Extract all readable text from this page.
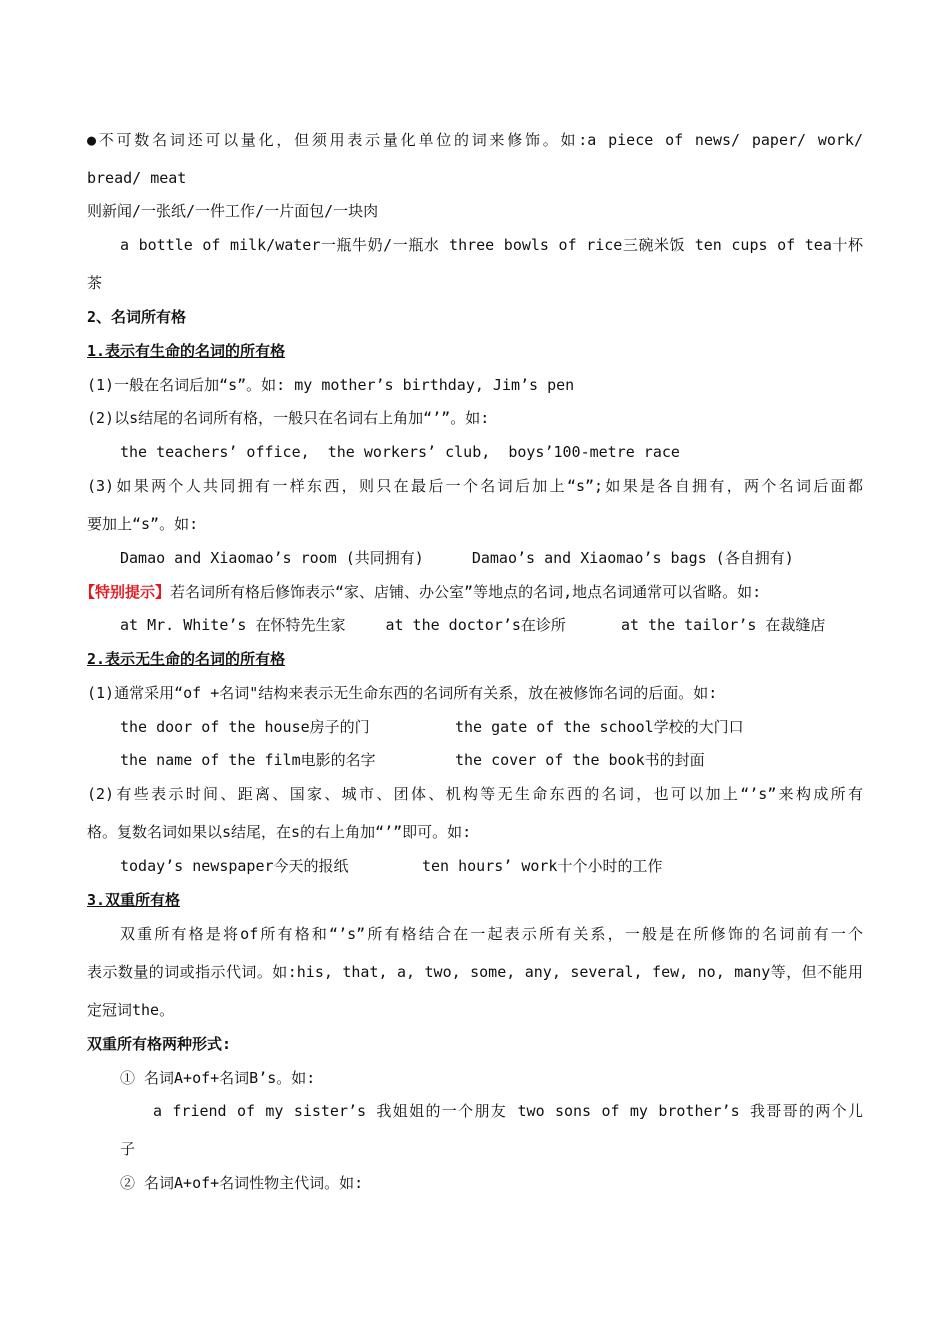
●不可数名词还可以量化，但须用表示量化单位的词来修饰。如:a piece of news/ paper/ work/
bread/ meat
则新闻/一张纸/一件工作/一片面包/一块肉
a bottle of milk/water一瓶牛奶/一瓶水 three bowls of rice三碗米饭 ten cups of tea十杯
茶
2、名词所有格
1.表示有生命的名词的所有格
(1)一般在名词后加“s”。如: my mother’s birthday, Jim’s pen
(2)以s结尾的名词所有格，一般只在名词右上角加“’”。如:
the teachers’ office,  the workers’ club,  boys’100-metre race
(3)如果两个人共同拥有一样东西，则只在最后一个名词后加上“s”;如果是各自拥有，两个名词后面都
要加上“s”。如:
Damao and Xiaomao’s room (共同拥有)	Damao’s and Xiaomao’s bags (各自拥有)
【特别提示】若名词所有格后修饰表示“家、店铺、办公室”等地点的名词,地点名词通常可以省略。如:
at Mr. White’s 在怀特先生家	at the doctor’s在诊所	at the tailor’s 在裁缝店
2.表示无生命的名词的所有格
(1)通常采用“of +名词"结构来表示无生命东西的名词所有关系，放在被修饰名词的后面。如:
the door of the house房子的门	the gate of the school学校的大门口
the name of the film电影的名字	the cover of the book书的封面
(2)有些表示时间、距离、国家、城市、团体、机构等无生命东西的名词，也可以加上“’s”来构成所有
格。复数名词如果以s结尾，在s的右上角加“’”即可。如:
today’s newspaper今天的报纸	ten hours’ work十个小时的工作
3.双重所有格
双重所有格是将of所有格和“’s”所有格结合在一起表示所有关系，一般是在所修饰的名词前有一个
表示数量的词或指示代词。如:his, that, a, two, some, any, several, few, no, many等，但不能用
定冠词the。
双重所有格两种形式:
① 名词A+of+名词B’s。如:
a friend of my sister’s 我姐姐的一个朋友 two sons of my brother’s 我哥哥的两个儿
子
② 名词A+of+名词性物主代词。如:
